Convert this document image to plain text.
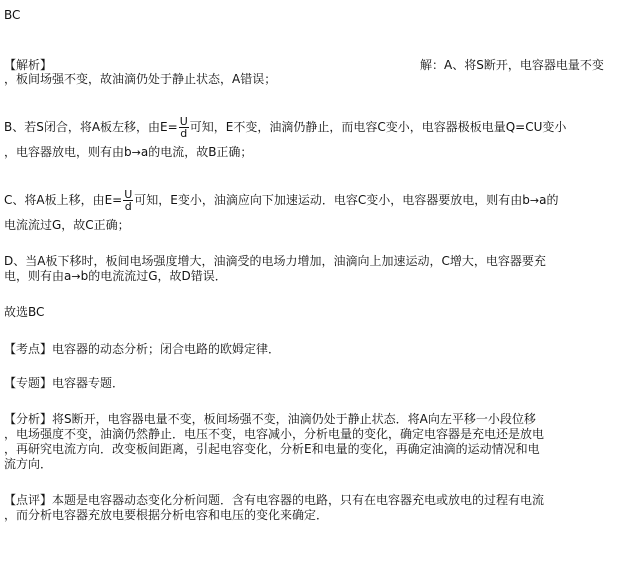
BC
【解析】	解：A、将S断开，电容器电量不变
，板间场强不变，故油滴仍处于静止状态，A错误；
B、若S闭合，将A板左移，由$E= \frac{U}{d}$ 可知，E不变，油滴仍静止，而电容C变小，电容器极板电量Q=CU变小
，电容器放电，则有由b→a的电流，故B正确；
C、将A板上移，由$E= \frac{U}{d}$ 可知，E变小，油滴应向下加速运动．电容C变小，电容器要放电，则有由b→a的
电流流过G，故C正确；
D、当A板下移时，板间电场强度增大，油滴受的电场力增加，油滴向上加速运动，C增大，电容器要充
电，则有由a→b的电流流过G，故D错误．
故选BC
【考点】电容器的动态分析；闭合电路的欧姆定律．
【专题】电容器专题．
【分析】将S断开，电容器电量不变，板间场强不变，油滴仍处于静止状态．将A向左平移一小段位移
，电场强度不变，油滴仍然静止．电压不变，电容减小，分析电量的变化，确定电容器是充电还是放电
，再研究电流方向．改变板间距离，引起电容变化，分析E和电量的变化，再确定油滴的运动情况和电
流方向．
【点评】本题是电容器动态变化分析问题．含有电容器的电路，只有在电容器充电或放电的过程有电流
，而分析电容器充放电要根据分析电容和电压的变化来确定．
